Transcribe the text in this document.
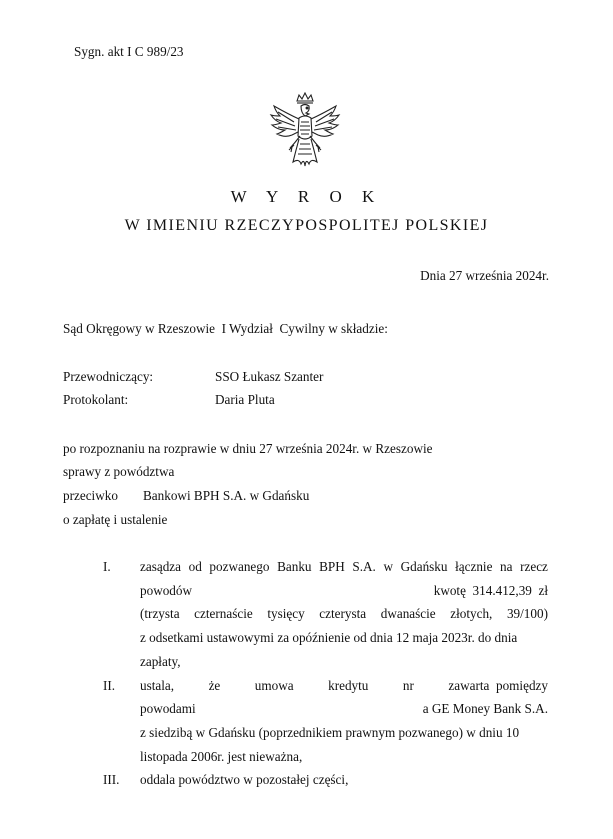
Sygn. akt I C 989/23
W Y R O K
W IMIENIU RZECZYPOSPOLITEJ POLSKIEJ
Dnia 27 września 2024r.
Sąd Okręgowy w Rzeszowie  I Wydział  Cywilny w składzie:
Przewodniczący:	SSO Łukasz Szanter
Protokolant:	Daria Pluta
po rozpoznaniu na rozprawie w dniu 27 września 2024r. w Rzeszowie
sprawy z powództwa
przeciwko Bankowi BPH S.A. w Gdańsku
o zapłatę i ustalenie
I. zasądza od pozwanego Banku BPH S.A. w Gdańsku łącznie na rzecz
powodów	kwotę  314.412,39  zł
(trzysta czternaście tysięcy czterysta dwanaście złotych, 39/100)
z odsetkami ustawowymi za opóźnienie od dnia 12 maja 2023r. do dnia
zapłaty,
II. ustala,	że	umowa	kredytu	nr	zawarta  pomiędzy
powodami	a GE Money Bank S.A.
z siedzibą w Gdańsku (poprzednikiem prawnym pozwanego) w dniu 10
listopada 2006r. jest nieważna,
III. oddala powództwo w pozostałej części,
